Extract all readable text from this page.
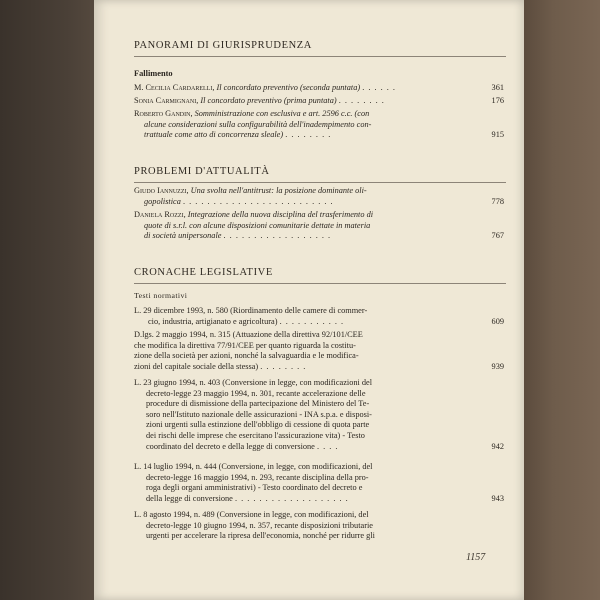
PANORAMI DI GIURISPRUDENZA
Fallimento
M. Cecilia Cardarelli, Il concordato preventivo (seconda puntata) . . . . . .	361
Sonia Carmignani, Il concordato preventivo (prima puntata) . . . . . . . .	176
Roberto Gandin, Somministrazione con esclusiva e art. 2596 c.c. (con
alcune considerazioni sulla configurabilità dell'inadempimento con-
trattuale come atto di concorrenza sleale) . . . . . . . .	915
PROBLEMI D'ATTUALITÀ
Giudo Iannuzzi, Una svolta nell'antitrust: la posizione dominante oli-
gopolistica . . . . . . . . . . . . . . . . . . . . . . . . .	778
Daniela Rozzi, Integrazione della nuova disciplina del trasferimento di
quote di s.r.l. con alcune disposizioni comunitarie dettate in materia
di società unipersonale . . . . . . . . . . . . . . . . . .	767
CRONACHE LEGISLATIVE
Testi normativi
L. 29 dicembre 1993, n. 580 (Riordinamento delle camere di commer-
cio, industria, artigianato e agricoltura) . . . . . . . . . . .	609
D.lgs. 2 maggio 1994, n. 315 (Attuazione della direttiva 92/101/CEE
che modifica la direttiva 77/91/CEE per quanto riguarda la costitu-
zione della società per azioni, nonché la salvaguardia e le modifica-
zioni del capitale sociale della stessa) . . . . . . . .	939
L. 23 giugno 1994, n. 403 (Conversione in legge, con modificazioni del
decreto-legge 23 maggio 1994, n. 301, recante accelerazione delle
procedure di dismissione della partecipazione del Ministero del Te-
soro nell'Istituto nazionale delle assicurazioni - INA s.p.a. e disposi-
zioni urgenti sulla estinzione dell'obbligo di cessione di quota parte
dei rischi delle imprese che esercitano l'assicurazione vita) - Testo
coordinato del decreto e della legge di conversione . . . .	942
L. 14 luglio 1994, n. 444 (Conversione, in legge, con modificazioni, del
decreto-legge 16 maggio 1994, n. 293, recante disciplina della pro-
roga degli organi amministrativi) - Testo coordinato del decreto e
della legge di conversione . . . . . . . . . . . . . . . . . . .	943
L. 8 agosto 1994, n. 489 (Conversione in legge, con modificazioni, del
decreto-legge 10 giugno 1994, n. 357, recante disposizioni tributarie
urgenti per accelerare la ripresa dell'economia, nonché per ridurre gli
1157
